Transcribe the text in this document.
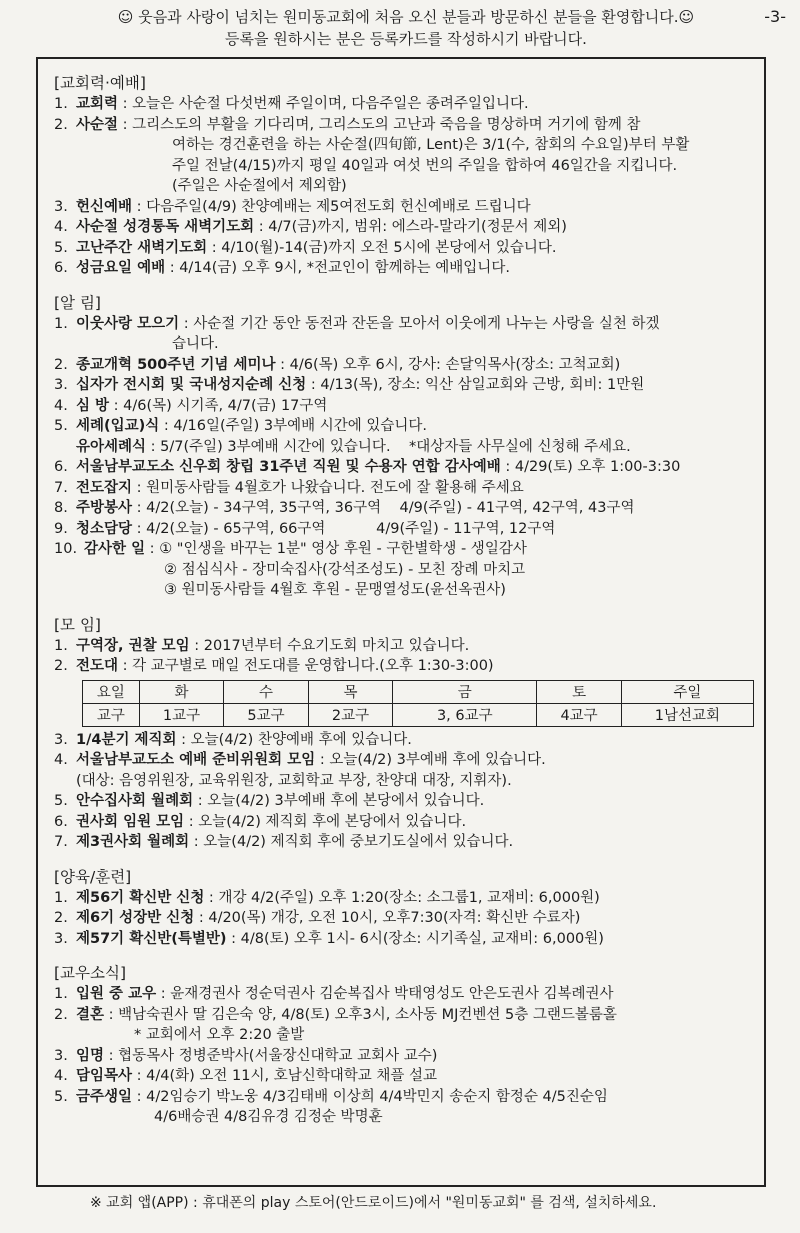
☺ 웃음과 사랑이 넘치는 원미동교회에 처음 오신 분들과 방문하신 분들을 환영합니다.☺
등록을 원하시는 분은 등록카드를 작성하시기 바랍니다.
-3-
[교회력·예배]
1. 교회력 : 오늘은 사순절 다섯번째 주일이며, 다음주일은 종려주일입니다.
2. 사순절 : 그리스도의 부활을 기다리며, 그리스도의 고난과 죽음을 명상하며 거기에 함께 참
여하는 경건훈련을 하는 사순절(四旬節, Lent)은 3/1(수, 참회의 수요일)부터 부활
주일 전날(4/15)까지 평일 40일과 여섯 번의 주일을 합하여 46일간을 지킵니다.
(주일은 사순절에서 제외함)
3. 헌신예배 : 다음주일(4/9) 찬양예배는 제5여전도회 헌신예배로 드립니다
4. 사순절 성경통독 새벽기도회 : 4/7(금)까지, 범위: 에스라-말라기(정문서 제외)
5. 고난주간 새벽기도회 : 4/10(월)-14(금)까지 오전 5시에 본당에서 있습니다.
6. 성금요일 예배 : 4/14(금) 오후 9시, *전교인이 함께하는 예배입니다.
[알 림]
1. 이웃사랑 모으기 : 사순절 기간 동안 동전과 잔돈을 모아서 이웃에게 나누는 사랑을 실천 하겠
습니다.
2. 종교개혁 500주년 기념 세미나 : 4/6(목) 오후 6시, 강사: 손달익목사(장소: 고척교회)
3. 십자가 전시회 및 국내성지순례 신청 : 4/13(목), 장소: 익산 삼일교회와 근방, 회비: 1만원
4. 심 방 : 4/6(목) 시기족, 4/7(금) 17구역
5. 세례(입교)식 : 4/16일(주일) 3부예배 시간에 있습니다.
유아세례식 : 5/7(주일) 3부예배 시간에 있습니다. *대상자들 사무실에 신청해 주세요.
6. 서울남부교도소 신우회 창립 31주년 직원 및 수용자 연합 감사예배 : 4/29(토) 오후 1:00-3:30
7. 전도잡지 : 원미동사람들 4월호가 나왔습니다. 전도에 잘 활용해 주세요
8. 주방봉사 : 4/2(오늘) - 34구역, 35구역, 36구역 4/9(주일) - 41구역, 42구역, 43구역
9. 청소담당 : 4/2(오늘) - 65구역, 66구역	4/9(주일) - 11구역, 12구역
10. 감사한 일 : ① "인생을 바꾸는 1분" 영상 후원 - 구한별학생 - 생일감사
② 점심식사 - 장미숙집사(강석조성도) - 모친 장례 마치고
③ 원미동사람들 4월호 후원 - 문맹열성도(윤선옥권사)
[모 임]
1. 구역장, 권찰 모임 : 2017년부터 수요기도회 마치고 있습니다.
2. 전도대 : 각 교구별로 매일 전도대를 운영합니다.(오후 1:30-3:00)
요일	화	수	목	금	토	주일
교구	1교구	5교구	2교구	3, 6교구	4교구	1남선교회
3. 1/4분기 제직회 : 오늘(4/2) 찬양예배 후에 있습니다.
4. 서울남부교도소 예배 준비위원회 모임 : 오늘(4/2) 3부예배 후에 있습니다.
(대상: 음영위원장, 교육위원장, 교회학교 부장, 찬양대 대장, 지휘자).
5. 안수집사회 월례회 : 오늘(4/2) 3부예배 후에 본당에서 있습니다.
6. 권사회 임원 모임 : 오늘(4/2) 제직회 후에 본당에서 있습니다.
7. 제3권사회 월례회 : 오늘(4/2) 제직회 후에 중보기도실에서 있습니다.
[양육/훈련]
1. 제56기 확신반 신청 : 개강 4/2(주일) 오후 1:20(장소: 소그룹1, 교재비: 6,000원)
2. 제6기 성장반 신청 : 4/20(목) 개강, 오전 10시, 오후7:30(자격: 확신반 수료자)
3. 제57기 확신반(특별반) : 4/8(토) 오후 1시- 6시(장소: 시기족실, 교재비: 6,000원)
[교우소식]
1. 입원 중 교우 : 윤재경권사 정순덕권사 김순복집사 박태영성도 안은도권사 김복례권사
2. 결혼 : 백남숙권사 딸 김은숙 양, 4/8(토) 오후3시, 소사동 MJ컨벤션 5층 그랜드볼룸홀
* 교회에서 오후 2:20 출발
3. 임명 : 협동목사 정병준박사(서울장신대학교 교회사 교수)
4. 담임목사 : 4/4(화) 오전 11시, 호남신학대학교 채플 설교
5. 금주생일 : 4/2임승기 박노웅 4/3김태배 이상희 4/4박민지 송순지 함정순 4/5진순임
4/6배승권 4/8김유경 김정순 박명훈
※ 교회 앱(APP) : 휴대폰의 play 스토어(안드로이드)에서 "원미동교회" 를 검색, 설치하세요.
